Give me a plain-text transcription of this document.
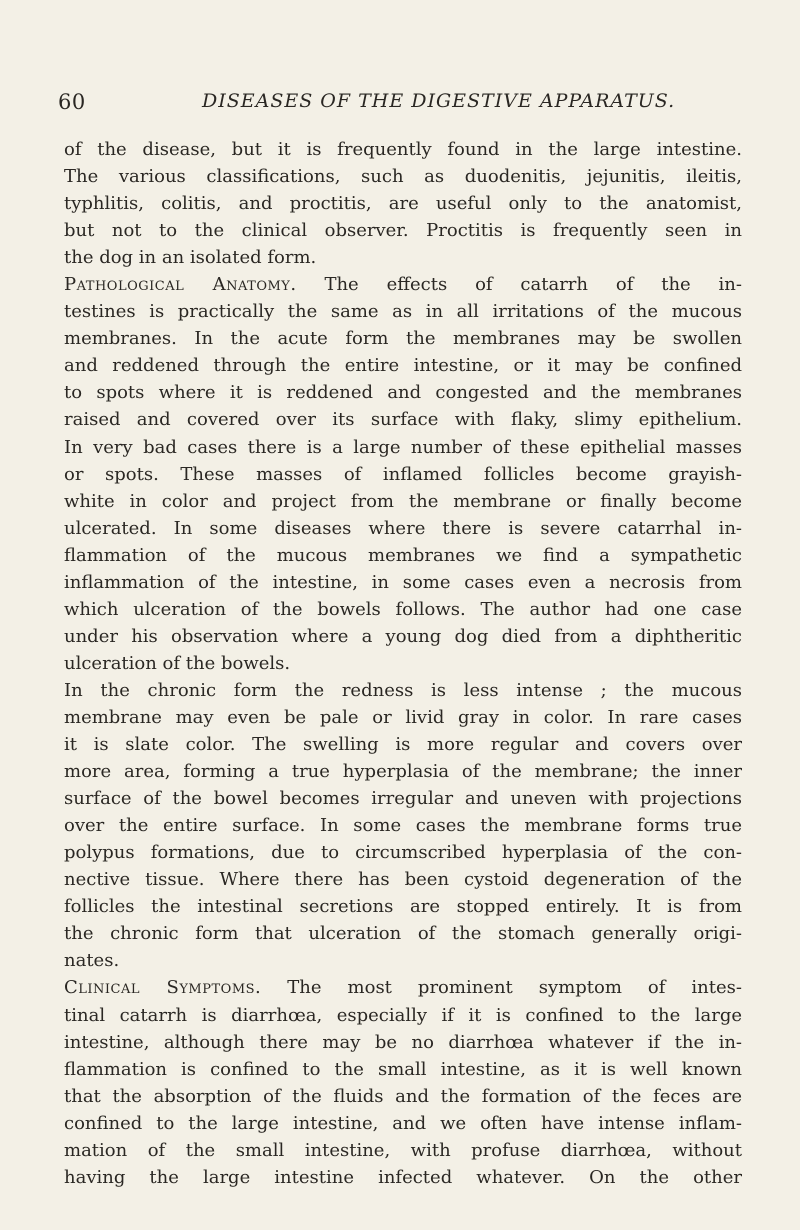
60	DISEASES OF THE DIGESTIVE APPARATUS.
of the disease, but it is frequently found in the large intestine.
The various classifications, such as duodenitis, jejunitis, ileitis,
typhlitis, colitis, and proctitis, are useful only to the anatomist,
but not to the clinical observer. Proctitis is frequently seen in
the dog in an isolated form.
Pathological Anatomy. The effects of catarrh of the in-
testines is practically the same as in all irritations of the mucous
membranes. In the acute form the membranes may be swollen
and reddened through the entire intestine, or it may be confined
to spots where it is reddened and congested and the membranes
raised and covered over its surface with flaky, slimy epithelium.
In very bad cases there is a large number of these epithelial masses
or spots. These masses of inflamed follicles become grayish-
white in color and project from the membrane or finally become
ulcerated. In some diseases where there is severe catarrhal in-
flammation of the mucous membranes we find a sympathetic
inflammation of the intestine, in some cases even a necrosis from
which ulceration of the bowels follows. The author had one case
under his observation where a young dog died from a diphtheritic
ulceration of the bowels.
In the chronic form the redness is less intense ; the mucous
membrane may even be pale or livid gray in color. In rare cases
it is slate color. The swelling is more regular and covers over
more area, forming a true hyperplasia of the membrane; the inner
surface of the bowel becomes irregular and uneven with projections
over the entire surface. In some cases the membrane forms true
polypus formations, due to circumscribed hyperplasia of the con-
nective tissue. Where there has been cystoid degeneration of the
follicles the intestinal secretions are stopped entirely. It is from
the chronic form that ulceration of the stomach generally origi-
nates.
Clinical Symptoms. The most prominent symptom of intes-
tinal catarrh is diarrhœa, especially if it is confined to the large
intestine, although there may be no diarrhœa whatever if the in-
flammation is confined to the small intestine, as it is well known
that the absorption of the fluids and the formation of the feces are
confined to the large intestine, and we often have intense inflam-
mation of the small intestine, with profuse diarrhœa, without
having the large intestine infected whatever. On the other
